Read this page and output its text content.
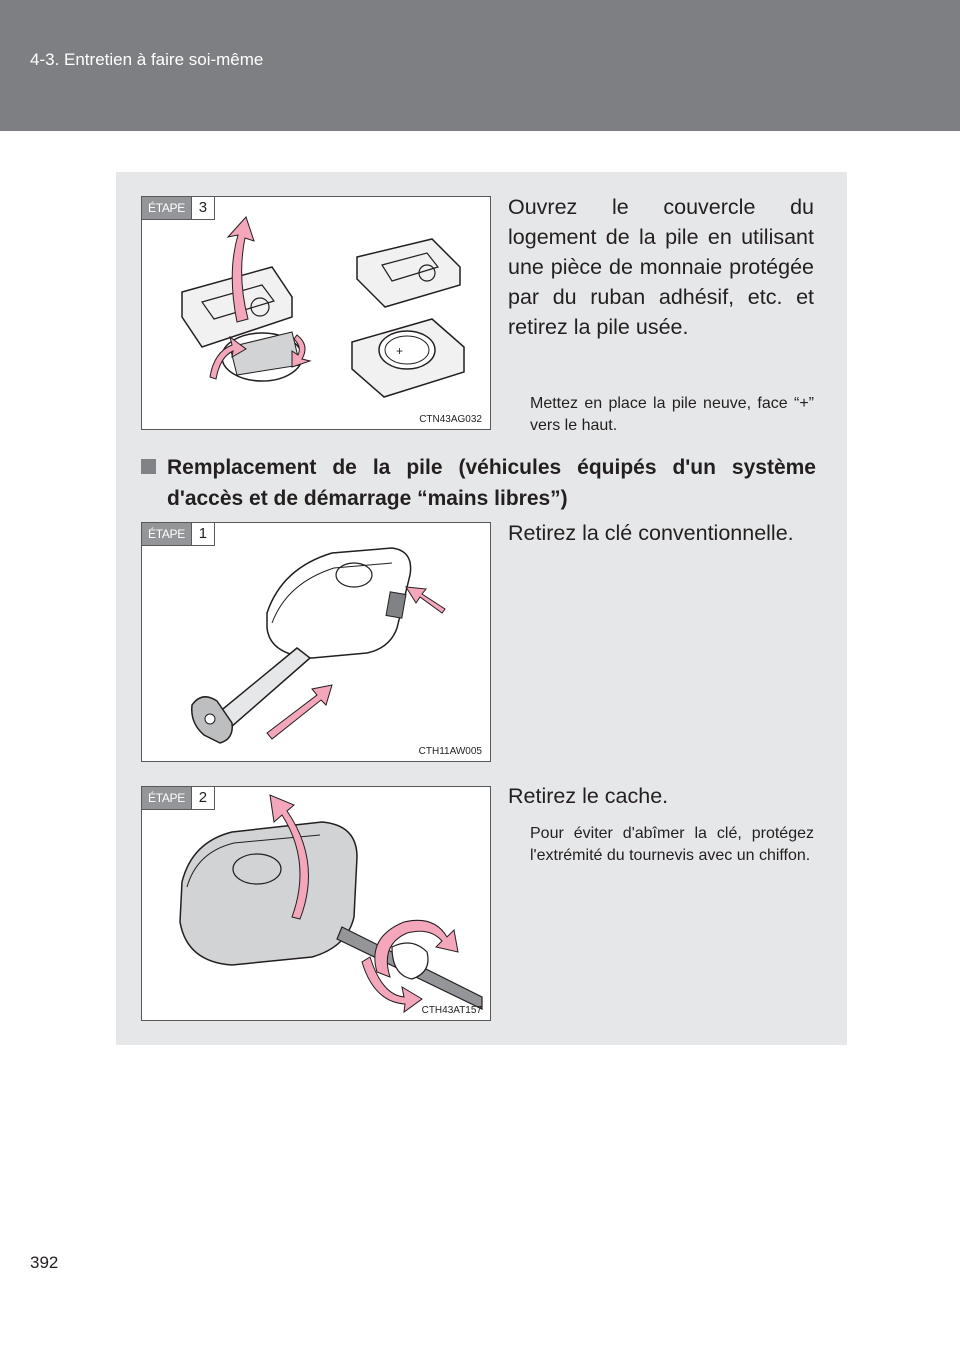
4-3. Entretien à faire soi-même
+
ÉTAPE 3
CTN43AG032
Ouvrez le couvercle du logement de la pile en utilisant une pièce de monnaie protégée par du ruban adhésif, etc. et retirez la pile usée.
Mettez en place la pile neuve, face “+” vers le haut.
Remplacement de la pile (véhicules équipés d'un système d'accès et de démarrage “mains libres”)
ÉTAPE 1
CTH11AW005
Retirez la clé conventionnelle.
ÉTAPE 2
CTH43AT157
Retirez le cache.
Pour éviter d'abîmer la clé, protégez l'extrémité du tournevis avec un chiffon.
392
